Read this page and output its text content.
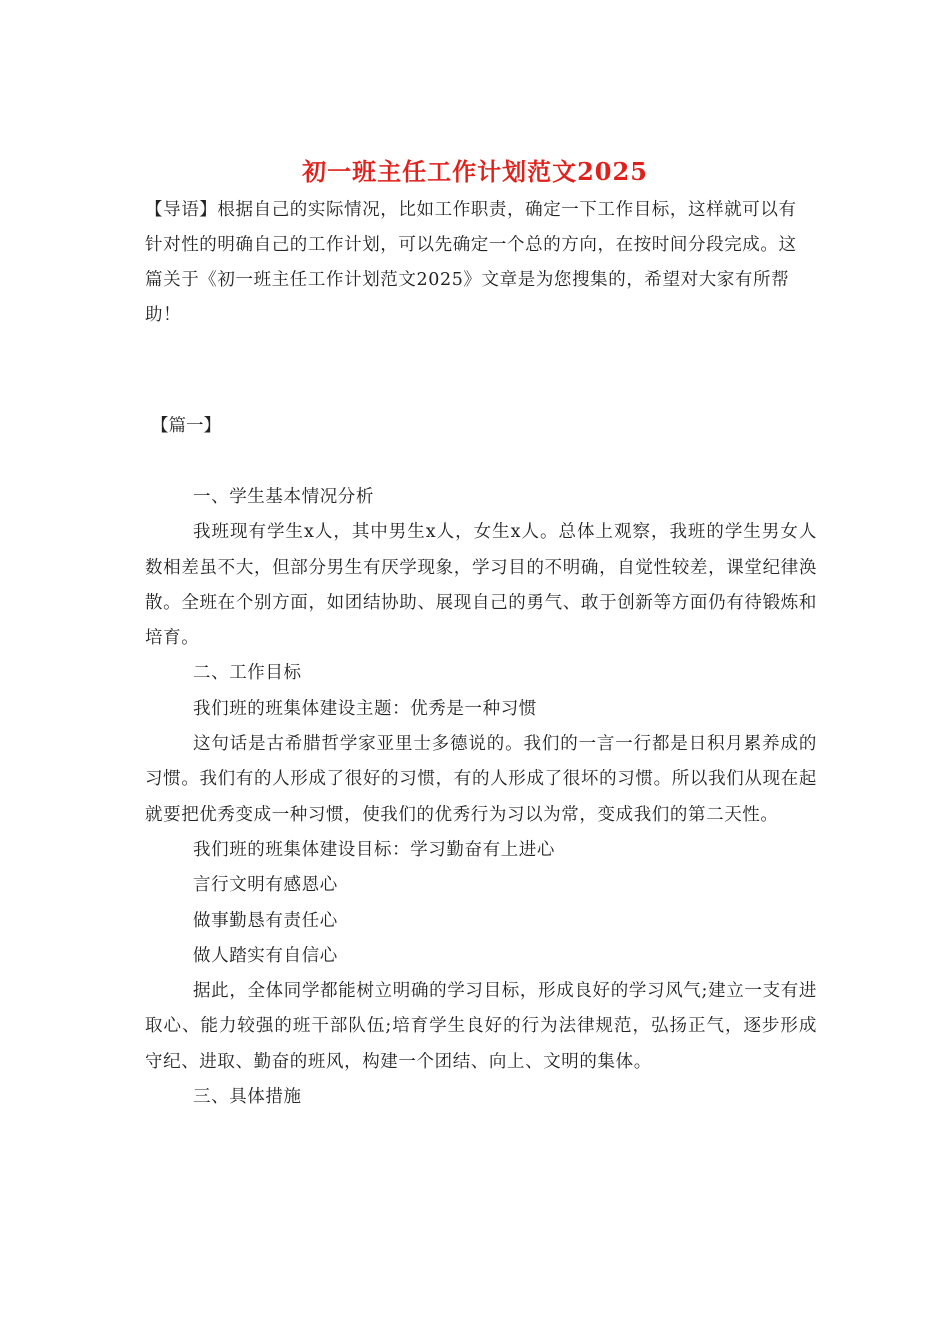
初一班主任工作计划范文2025

【导语】根据自己的实际情况，比如工作职责，确定一下工作目标，这样就可以有针对性的明确自己的工作计划，可以先确定一个总的方向，在按时间分段完成。这篇关于《初一班主任工作计划范文2025》文章是为您搜集的，希望对大家有所帮助！

【篇一】

一、学生基本情况分析

我班现有学生x人，其中男生x人，女生x人。总体上观察，我班的学生男女人数相差虽不大，但部分男生有厌学现象，学习目的不明确，自觉性较差，课堂纪律涣散。全班在个别方面，如团结协助、展现自己的勇气、敢于创新等方面仍有待锻炼和培育。

二、工作目标

我们班的班集体建设主题：优秀是一种习惯

这句话是古希腊哲学家亚里士多德说的。我们的一言一行都是日积月累养成的习惯。我们有的人形成了很好的习惯，有的人形成了很坏的习惯。所以我们从现在起就要把优秀变成一种习惯，使我们的优秀行为习以为常，变成我们的第二天性。

我们班的班集体建设目标：学习勤奋有上进心

言行文明有感恩心

做事勤恳有责任心

做人踏实有自信心

据此，全体同学都能树立明确的学习目标，形成良好的学习风气;建立一支有进取心、能力较强的班干部队伍;培育学生良好的行为法律规范，弘扬正气，逐步形成守纪、进取、勤奋的班风，构建一个团结、向上、文明的集体。

三、具体措施
